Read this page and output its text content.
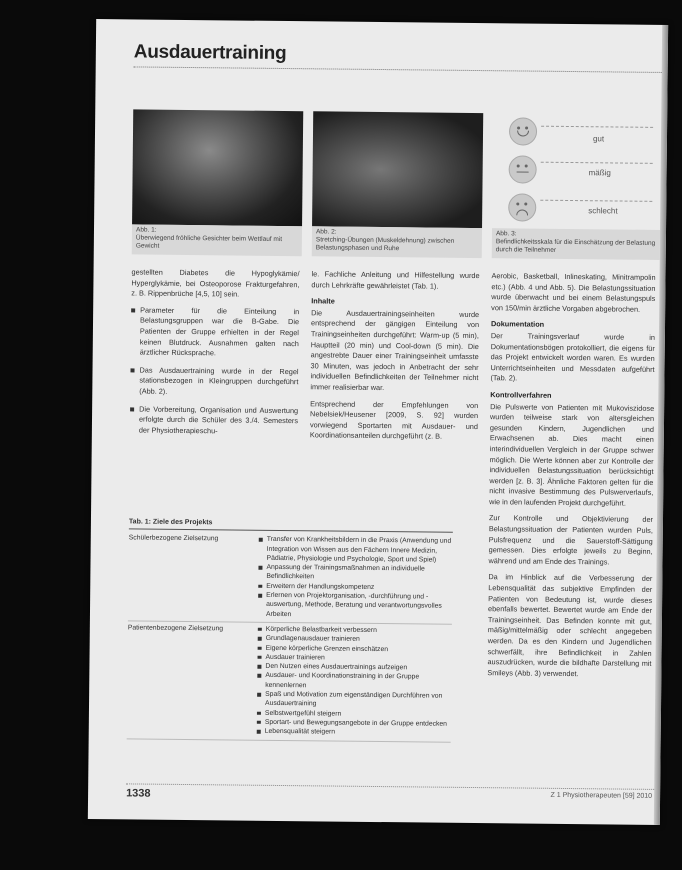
Ausdauertraining
Abb. 1:
Überwiegend fröhliche Gesichter beim Wettlauf mit Gewicht
Abb. 2:
Stretching-Übungen (Muskeldehnung) zwischen Belastungsphasen und Ruhe
gut
mäßig
schlecht
Abb. 3:
Befindlichkeitsskala für die Einschätzung der Belastung durch die Teilnehmer

gestellten Diabetes die Hypoglykämie/ Hyperglykämie, bei Osteoporose Frakturgefahren, z. B. Rippenbrüche [4,5, 10] sein.

Parameter für die Einteilung in Belastungsgruppen war die B-Gabe. Die Patienten der Gruppe erhielten in der Regel keinen Blutdruck. Ausnahmen galten nach ärztlicher Rücksprache.
Das Ausdauertraining wurde in der Regel stationsbezogen in Kleingruppen durchgeführt (Abb. 2).
Die Vorbereitung, Organisation und Auswertung erfolgte durch die Schüler des 3./4. Semesters der Physiotherapieschu-

le. Fachliche Anleitung und Hilfestellung wurde durch Lehrkräfte gewährleistet (Tab. 1).

Inhalte

Die Ausdauertrainingseinheiten wurde entsprechend der gängigen Einteilung von Trainingseinheiten durchgeführt: Warm-up (5 min), Hauptteil (20 min) und Cool-down (5 min). Die angestrebte Dauer einer Trainingseinheit umfasste 30 Minuten, was jedoch in Anbetracht der sehr individuellen Befindlichkeiten der Teilnehmer nicht immer realisierbar war.

Entsprechend der Empfehlungen von Nebelsiek/Heusener [2009, S. 92] wurden vorwiegend Sportarten mit Ausdauer- und Koordinationsanteilen durchgeführt (z. B.

Aerobic, Basketball, Inlineskating, Minitrampolin etc.) (Abb. 4 und Abb. 5). Die Belastungssituation wurde überwacht und bei einem Belastungspuls von 150/min ärztliche Vorgaben abgebrochen.

Dokumentation

Der Trainingsverlauf wurde in Dokumentationsbögen protokolliert, die eigens für das Projekt entwickelt worden waren. Es wurden Unterrichtseinheiten und Messdaten aufgeführt (Tab. 2).

Kontrollverfahren

Die Pulswerte von Patienten mit Mukoviszidose wurden teilweise stark von altersgleichen gesunden Kindern, Jugendlichen und Erwachsenen ab. Dies macht einen interindividuellen Vergleich in der Gruppe schwer möglich. Die Werte können aber zur Kontrolle der individuellen Belastungssituation berücksichtigt werden [z. B. 3]. Ähnliche Faktoren gelten für die nicht invasive Bestimmung des Pulswerverlaufs, wie in den laufenden Projekt durchgeführt.

Zur Kontrolle und Objektivierung der Belastungssituation der Patienten wurden Puls, Pulsfrequenz und die Sauerstoff-Sättigung gemessen. Dies erfolgte jeweils zu Beginn, während und am Ende des Trainings.

Da im Hinblick auf die Verbesserung der Lebensqualität das subjektive Empfinden der Patienten von Bedeutung ist, wurde dieses ebenfalls bewertet. Bewertet wurde am Ende der Trainingseinheit. Das Befinden konnte mit gut, mäßig/mittelmäßig oder schlecht angegeben werden. Da es den Kindern und Jugendlichen schwerfällt, ihre Befindlichkeit in Zahlen auszudrücken, wurde die bildhafte Darstellung mit Smileys (Abb. 3) verwendet.

Tab. 1: Ziele des Projekts
Schülerbezogene Zielsetzung	Transfer von Krankheitsbildern in die Praxis (Anwendung und Integration von Wissen aus den Fächern Innere Medizin, Pädiatrie, Physiologie und Psychologie, Sport und Spiel)
Anpassung der Trainingsmaßnahmen an individuelle Befindlichkeiten
Erweitern der Handlungskompetenz
Erlernen von Projektorganisation, -durchführung und -auswertung, Methode, Beratung und verantwortungsvolles Arbeiten
Patientenbezogene Zielsetzung	Körperliche Belastbarkeit verbessern
Grundlagenausdauer trainieren
Eigene körperliche Grenzen einschätzen
Ausdauer trainieren
Den Nutzen eines Ausdauertrainings aufzeigen
Ausdauer- und Koordinationstraining in der Gruppe kennenlernen
Spaß und Motivation zum eigenständigen Durchführen von Ausdauertraining
Selbstwertgefühl steigern
Sportart- und Bewegungsangebote in der Gruppe entdecken
Lebensqualität steigern
1338	Z 1 Physiotherapeuten [59] 2010
